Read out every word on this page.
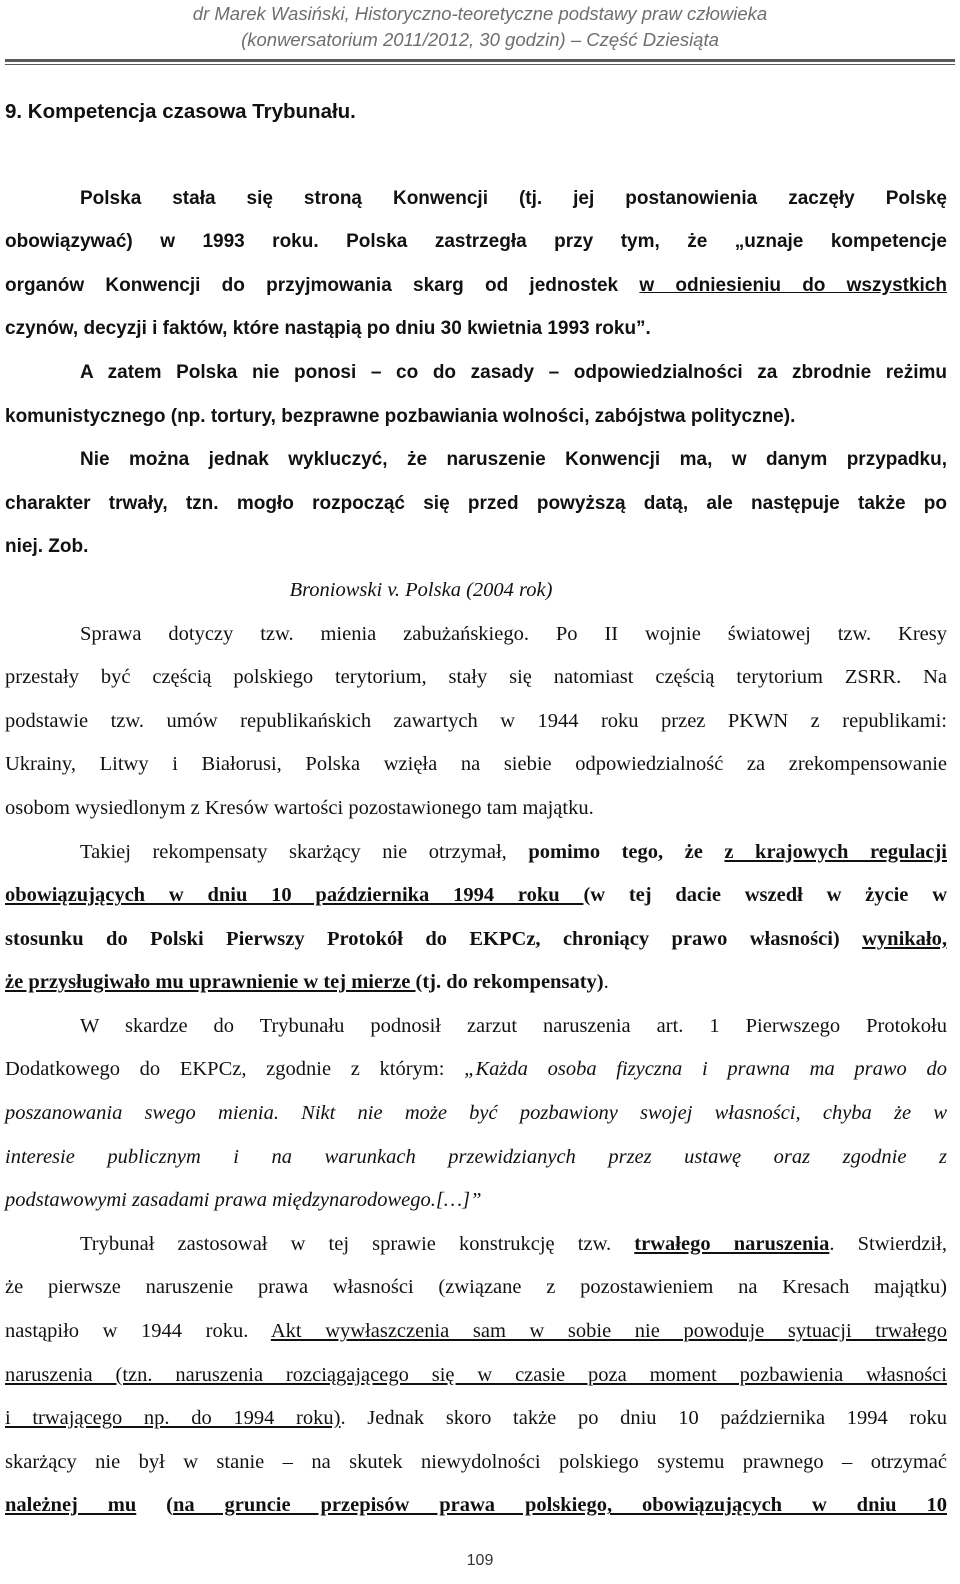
dr Marek Wasiński, Historyczno-teoretyczne podstawy praw człowieka
(konwersatorium 2011/2012, 30 godzin) – Część Dziesiąta
9. Kompetencja czasowa Trybunału.
Polska stała się stroną Konwencji (tj. jej postanowienia zaczęły Polskę
obowiązywać) w 1993 roku. Polska zastrzegła przy tym, że „uznaje kompetencje
organów Konwencji do przyjmowania skarg od jednostek w odniesieniu do wszystkich
czynów, decyzji i faktów, które nastąpią po dniu 30 kwietnia 1993 roku”.
A zatem Polska nie ponosi – co do zasady – odpowiedzialności za zbrodnie reżimu
komunistycznego (np. tortury, bezprawne pozbawiania wolności, zabójstwa polityczne).
Nie można jednak wykluczyć, że naruszenie Konwencji ma, w danym przypadku,
charakter trwały, tzn. mogło rozpocząć się przed powyższą datą, ale następuje także po
niej. Zob.
Broniowski v. Polska (2004 rok)
Sprawa dotyczy tzw. mienia zabużańskiego. Po II wojnie światowej tzw. Kresy
przestały być częścią polskiego terytorium, stały się natomiast częścią terytorium ZSRR. Na
podstawie tzw. umów republikańskich zawartych w 1944 roku przez PKWN z republikami:
Ukrainy, Litwy i Białorusi, Polska wzięła na siebie odpowiedzialność za zrekompensowanie
osobom wysiedlonym z Kresów wartości pozostawionego tam majątku.
Takiej rekompensaty skarżący nie otrzymał, pomimo tego, że z krajowych regulacji
obowiązujących w dniu 10 października 1994 roku (w tej dacie wszedł w życie w
stosunku do Polski Pierwszy Protokół do EKPCz, chroniący prawo własności) wynikało,
że przysługiwało mu uprawnienie w tej mierze (tj. do rekompensaty).
W skardze do Trybunału podnosił zarzut naruszenia art. 1 Pierwszego Protokołu
Dodatkowego do EKPCz, zgodnie z którym: „Każda osoba fizyczna i prawna ma prawo do
poszanowania swego mienia. Nikt nie może być pozbawiony swojej własności, chyba że w
interesie publicznym i na warunkach przewidzianych przez ustawę oraz zgodnie z
podstawowymi zasadami prawa międzynarodowego.[…]”
Trybunał zastosował w tej sprawie konstrukcję tzw. trwałego naruszenia. Stwierdził,
że pierwsze naruszenie prawa własności (związane z pozostawieniem na Kresach majątku)
nastąpiło w 1944 roku. Akt wywłaszczenia sam w sobie nie powoduje sytuacji trwałego
naruszenia (tzn. naruszenia rozciągającego się w czasie poza moment pozbawienia własności
i trwającego np. do 1994 roku). Jednak skoro także po dniu 10 października 1994 roku
skarżący nie był w stanie – na skutek niewydolności polskiego systemu prawnego – otrzymać
należnej mu (na gruncie przepisów prawa polskiego, obowiązujących w dniu 10
109
